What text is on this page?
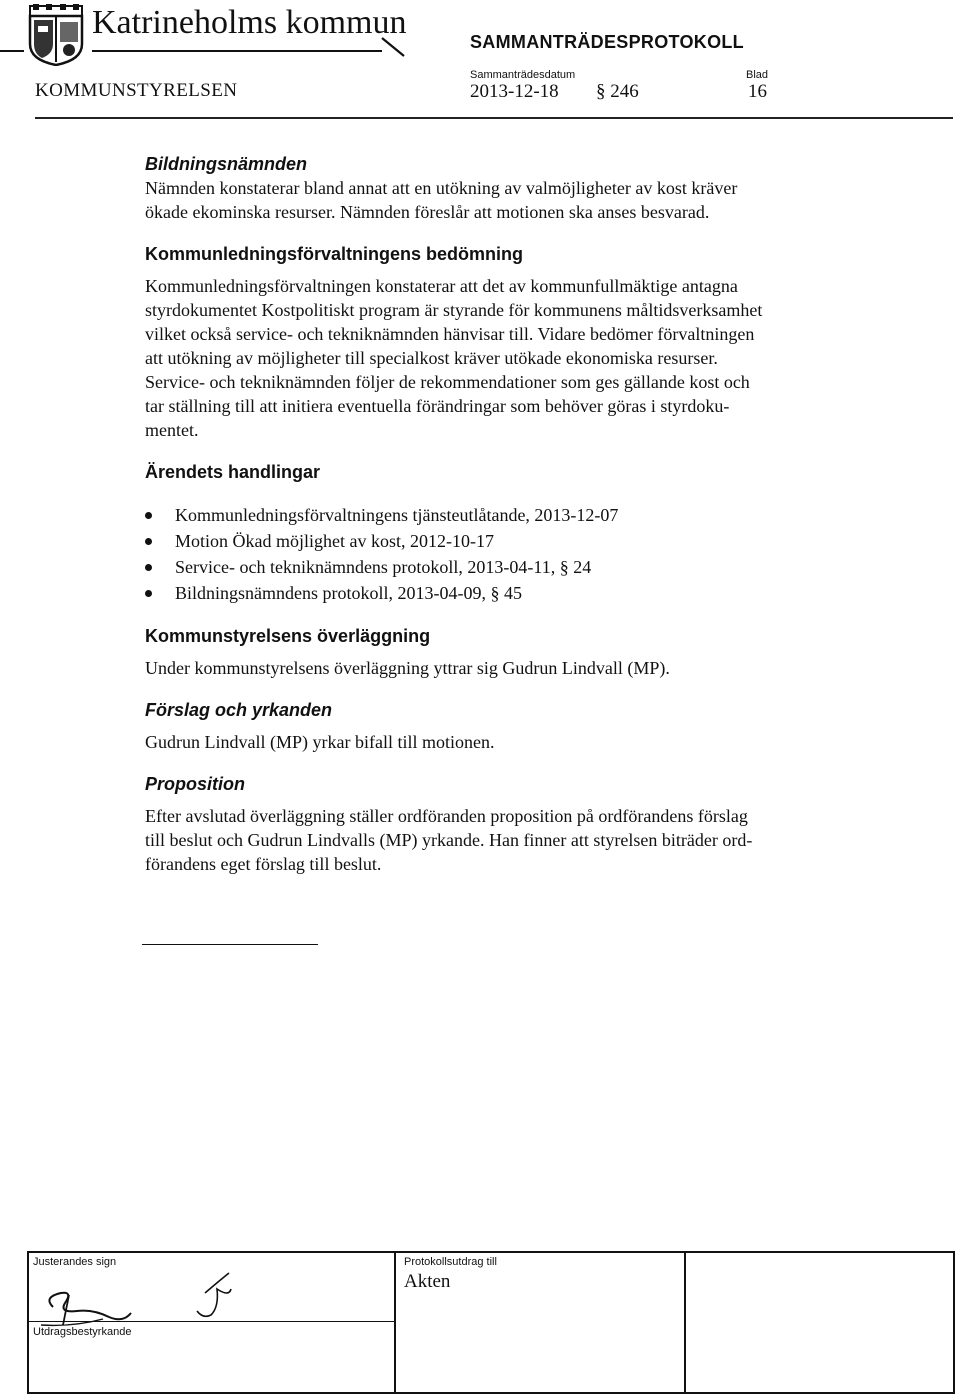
Katrineholms kommun
SAMMANTRÄDESPROTOKOLL
Sammanträdesdatum	Blad
KOMMUNSTYRELSEN	2013-12-18 § 246	16
Bildningsnämnden

Nämnden konstaterar bland annat att en utökning av valmöjligheter av kost kräver

ökade ekominska resurser. Nämnden föreslår att motionen ska anses besvarad.

Kommunledningsförvaltningens bedömning

Kommunledningsförvaltningen konstaterar att det av kommunfullmäktige antagna

styrdokumentet Kostpolitiskt program är styrande för kommunens måltidsverksamhet

vilket också service- och tekniknämnden hänvisar till. Vidare bedömer förvaltningen

att utökning av möjligheter till specialkost kräver utökade ekonomiska resurser.

Service- och tekniknämnden följer de rekommendationer som ges gällande kost och

tar ställning till att initiera eventuella förändringar som behöver göras i styrdoku-

mentet.

Ärendets handlingar
Kommunledningsförvaltningens tjänsteutlåtande, 2013-12-07
Motion Ökad möjlighet av kost, 2012-10-17
Service- och tekniknämndens protokoll, 2013-04-11, § 24
Bildningsnämndens protokoll, 2013-04-09, § 45
Kommunstyrelsens överläggning

Under kommunstyrelsens överläggning yttrar sig Gudrun Lindvall (MP).

Förslag och yrkanden

Gudrun Lindvall (MP) yrkar bifall till motionen.

Proposition

Efter avslutad överläggning ställer ordföranden proposition på ordförandens förslag

till beslut och Gudrun Lindvalls (MP) yrkande. Han finner att styrelsen biträder ord-

förandens eget förslag till beslut.

Justerandes sign
Utdragsbestyrkande
Protokollsutdrag till
Akten
